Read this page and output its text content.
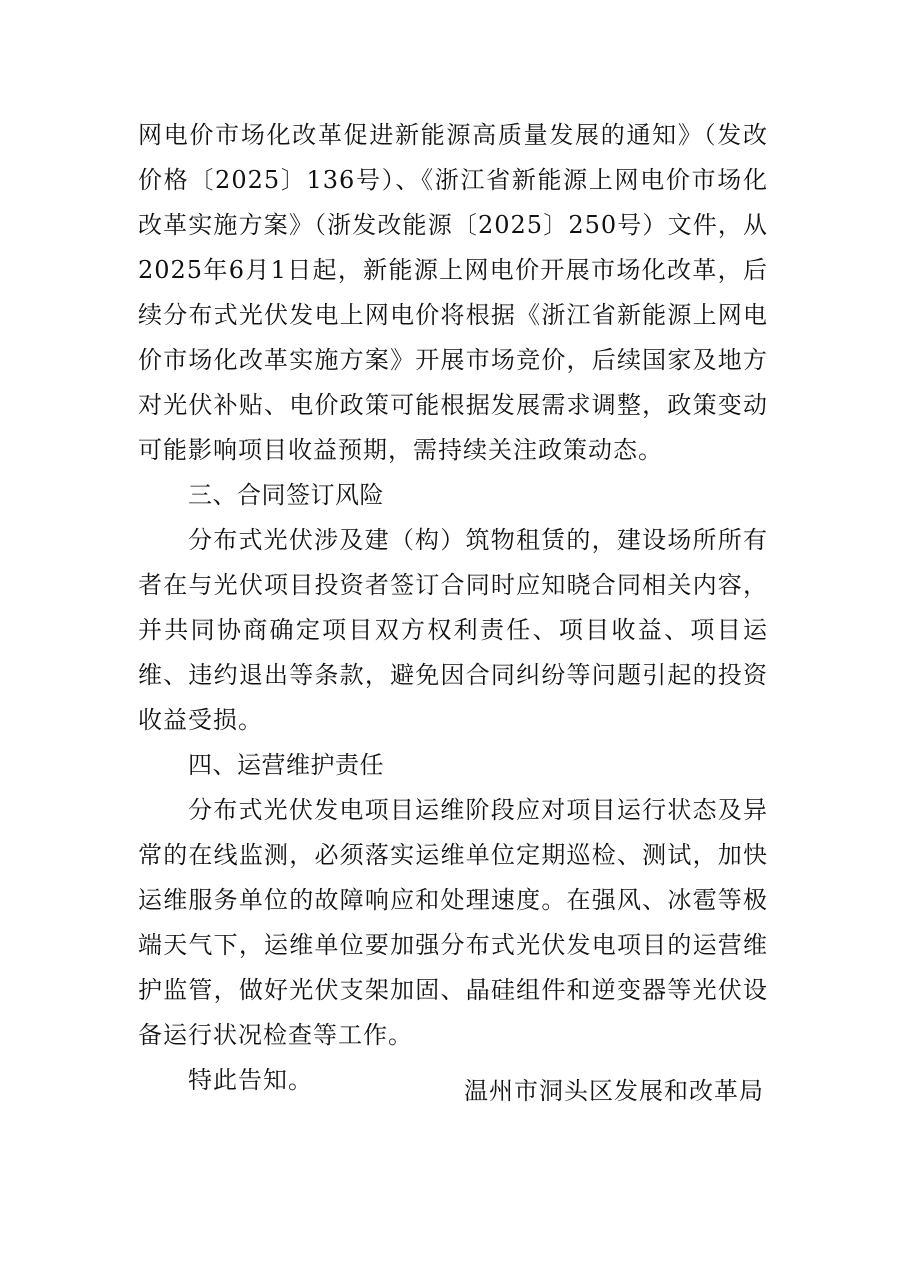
网电价市场化改革促进新能源高质量发展的通知》（发改价格〔2025〕136号）、《浙江省新能源上网电价市场化改革实施方案》（浙发改能源〔2025〕250号）文件，从2025年6月1日起，新能源上网电价开展市场化改革，后续分布式光伏发电上网电价将根据《浙江省新能源上网电价市场化改革实施方案》开展市场竞价，后续国家及地方对光伏补贴、电价政策可能根据发展需求调整，政策变动可能影响项目收益预期，需持续关注政策动态。

三、合同签订风险

分布式光伏涉及建（构）筑物租赁的，建设场所所有者在与光伏项目投资者签订合同时应知晓合同相关内容，并共同协商确定项目双方权利责任、项目收益、项目运维、违约退出等条款，避免因合同纠纷等问题引起的投资收益受损。

四、运营维护责任

分布式光伏发电项目运维阶段应对项目运行状态及异常的在线监测，必须落实运维单位定期巡检、测试，加快运维服务单位的故障响应和处理速度。在强风、冰雹等极端天气下，运维单位要加强分布式光伏发电项目的运营维护监管，做好光伏支架加固、晶硅组件和逆变器等光伏设备运行状况检查等工作。

特此告知。	温州市洞头区发展和改革局
